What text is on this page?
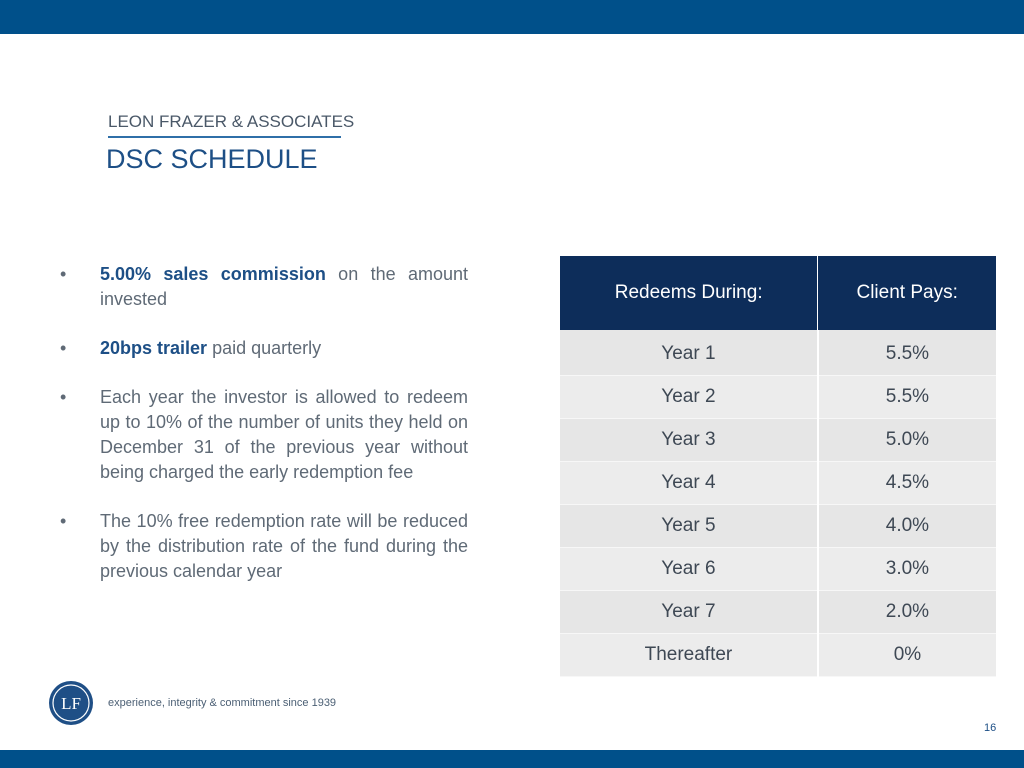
LEON FRAZER & ASSOCIATES
DSC SCHEDULE
•	5.00% sales commission on the amount invested
•	20bps trailer paid quarterly
•	Each year the investor is allowed to redeem up to 10% of the number of units they held on December 31 of the previous year without being charged the early redemption fee
•	The 10% free redemption rate will be reduced by the distribution rate of the fund during the previous calendar year
Redeems During:	Client Pays:
Year 1	5.5%
Year 2	5.5%
Year 3	5.0%
Year 4	4.5%
Year 5	4.0%
Year 6	3.0%
Year 7	2.0%
Thereafter	0%
LF experience, integrity & commitment since 1939
16
